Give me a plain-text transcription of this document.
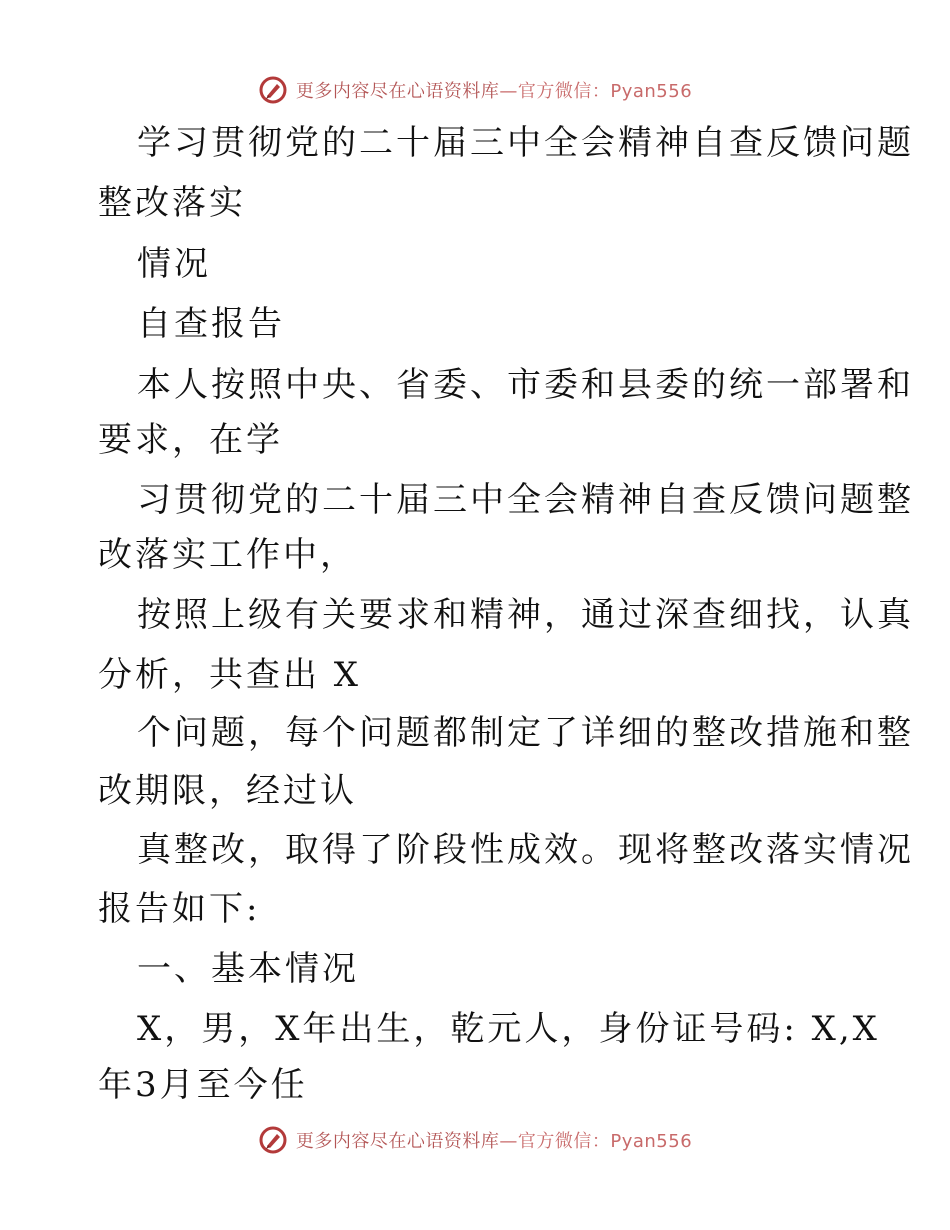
更多内容尽在心语资料库 —官方微信：Pyan556
学习贯彻党的二十届三中全会精神自查反馈问题
整改落实
情况
自查报告
本人按照中央、省委、市委和县委的统一部署和
要求，在学
习贯彻党的二十届三中全会精神自查反馈问题整
改落实工作中，
按照上级有关要求和精神，通过深查细找，认真
分析，共查出 X
个问题，每个问题都制定了详细的整改措施和整
改期限，经过认
真整改，取得了阶段性成效。现将整改落实情况
报告如下:
一、基本情况
X，男，X年出生，乾元人，身份证号码: X,X
年3月至今任
更多内容尽在心语资料库 —官方微信：Pyan556
